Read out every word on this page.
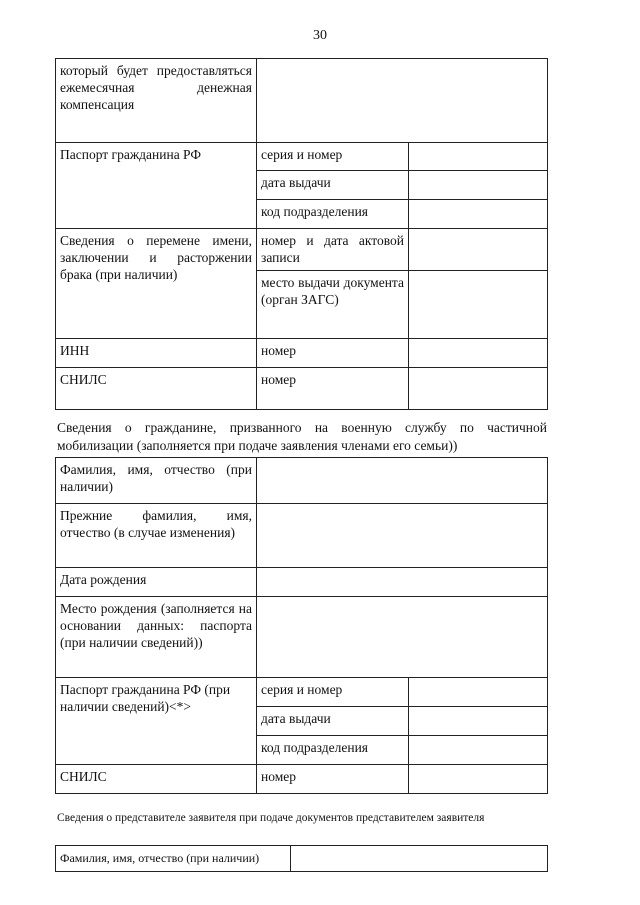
30
который будет предоставляться ежемесячная денежная компенсация		
Паспорт гражданина РФ	серия и номер	
	дата выдачи	
	код подразделения	
Сведения о перемене имени, заключении и расторжении брака (при наличии)	номер и дата актовой записи	
	место выдачи документа (орган ЗАГС)	
ИНН	номер	
СНИЛС	номер	
Сведения о гражданине, призванного на военную службу по частичной мобилизации (заполняется при подаче заявления членами его семьи))
Фамилия, имя, отчество (при наличии)		
Прежние фамилия, имя, отчество (в случае изменения)		
Дата рождения		
Место рождения (заполняется на основании данных: паспорта (при наличии сведений))		
Паспорт гражданина РФ (при наличии сведений)<*>	серия и номер	
	дата выдачи	
	код подразделения	
СНИЛС	номер	
Сведения о представителе заявителя при подаче документов представителем заявителя
Фамилия, имя, отчество (при наличии)	
